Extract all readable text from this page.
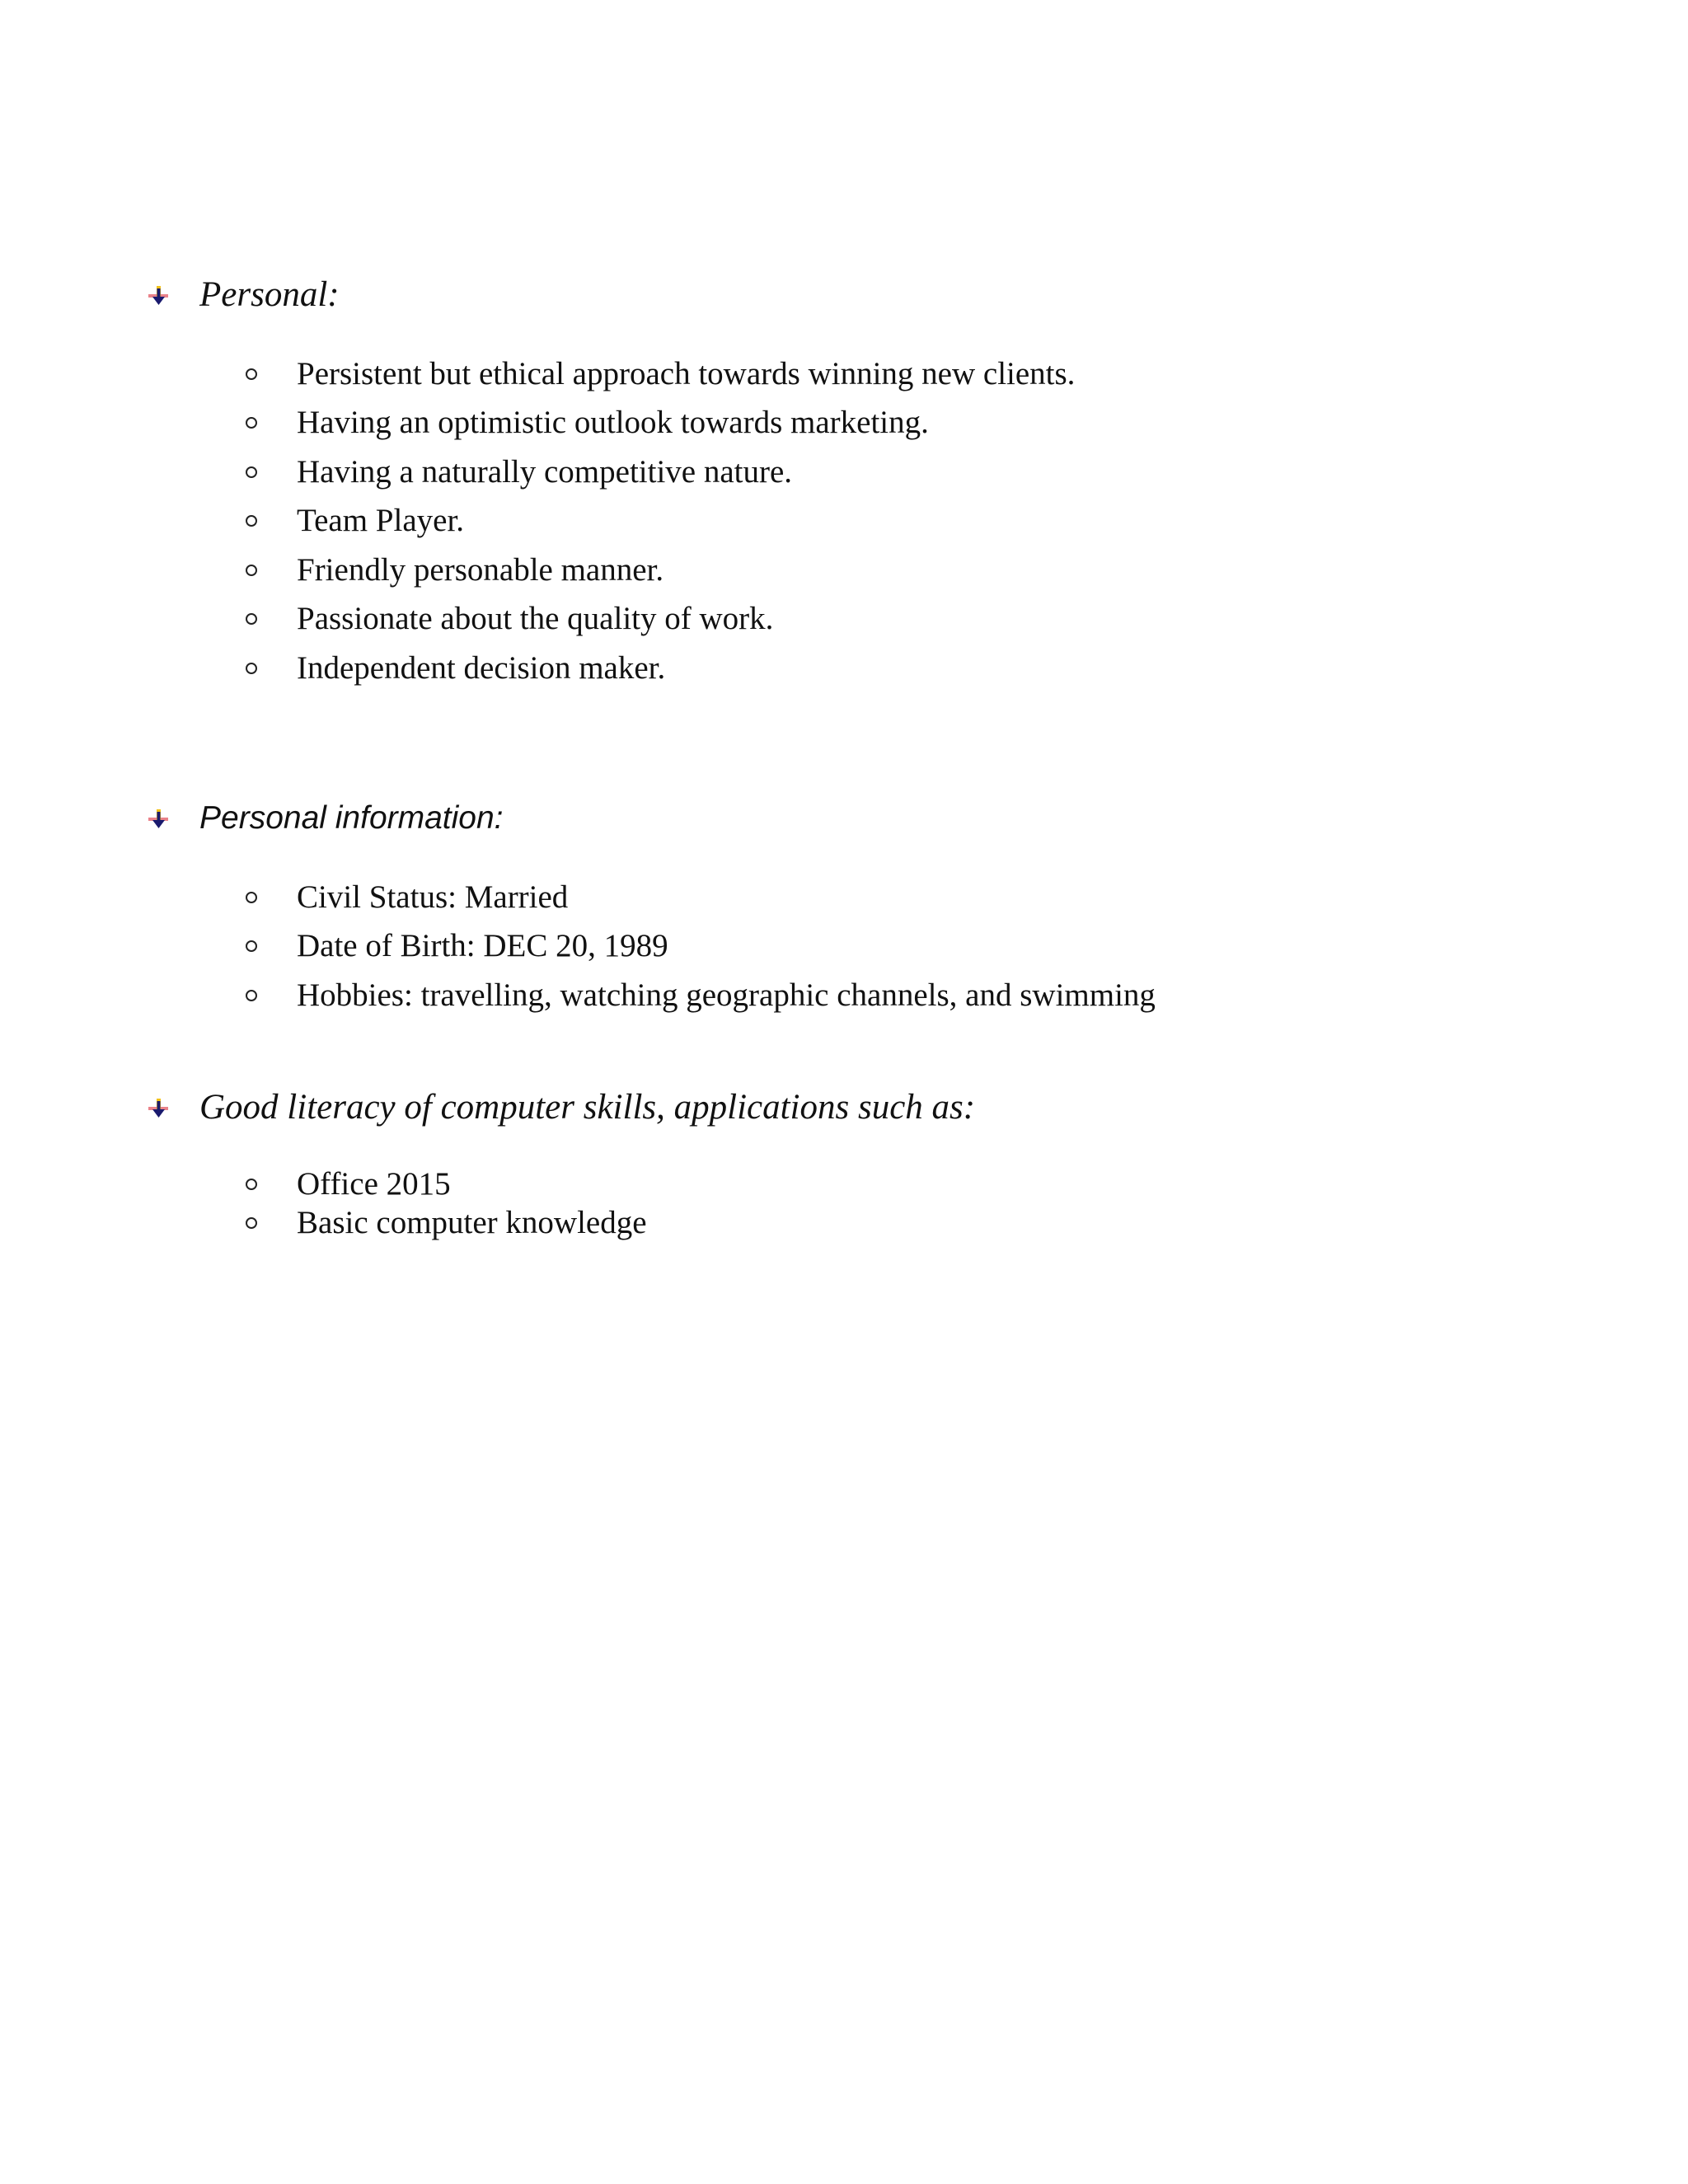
Personal:
Persistent but ethical approach towards winning new clients.
Having an optimistic outlook towards marketing.
Having a naturally competitive nature.
Team Player.
Friendly personable manner.
Passionate about the quality of work.
Independent decision maker.
Personal information:
Civil Status: Married
Date of Birth: DEC 20, 1989
Hobbies: travelling, watching geographic channels, and swimming
Good literacy of computer skills, applications such as:
Office 2015
Basic computer knowledge
